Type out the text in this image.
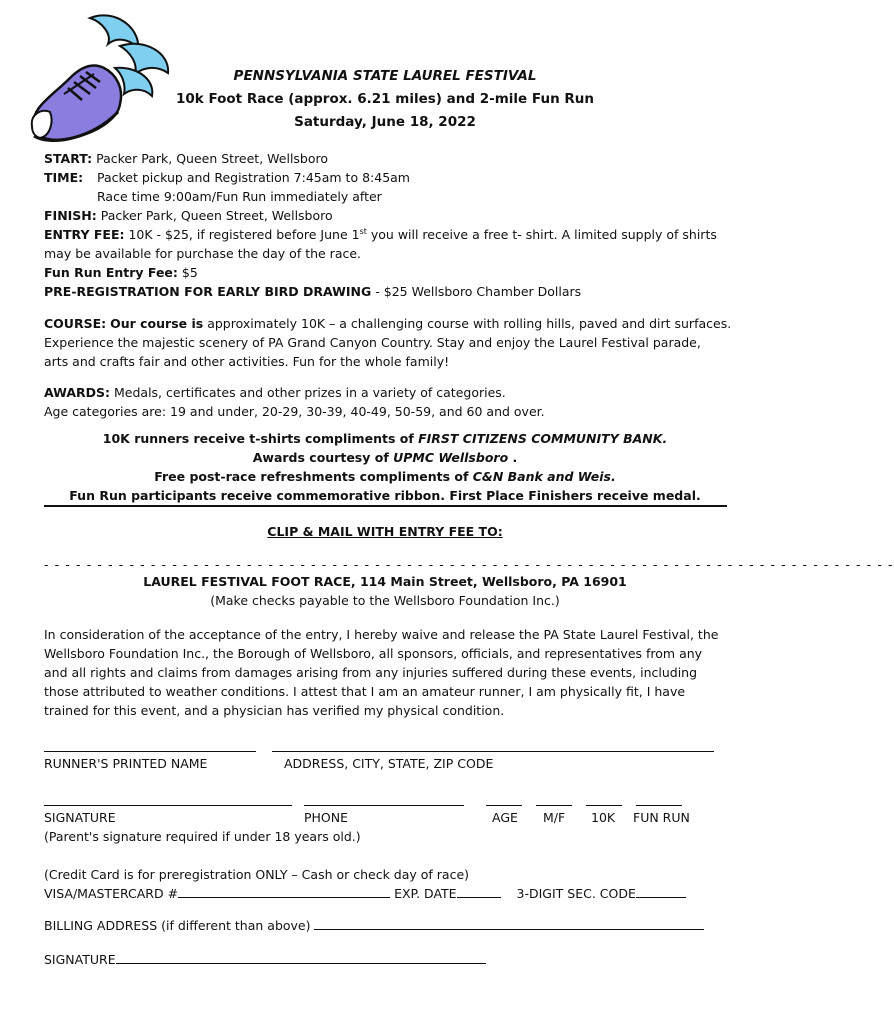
PENNSYLVANIA STATE LAUREL FESTIVAL
10k Foot Race (approx. 6.21 miles) and 2-mile Fun Run
Saturday, June 18, 2022
START: Packer Park, Queen Street, Wellsboro
TIME: Packet pickup and Registration 7:45am to 8:45am
Race time 9:00am/Fun Run immediately after
FINISH: Packer Park, Queen Street, Wellsboro
ENTRY FEE: 10K - $25, if registered before June 1st you will receive a free t- shirt. A limited supply of shirts
may be available for purchase the day of the race.
Fun Run Entry Fee: $5
PRE-REGISTRATION FOR EARLY BIRD DRAWING - $25 Wellsboro Chamber Dollars
COURSE: Our course is approximately 10K – a challenging course with rolling hills, paved and dirt surfaces.
Experience the majestic scenery of PA Grand Canyon Country. Stay and enjoy the Laurel Festival parade,
arts and crafts fair and other activities. Fun for the whole family!
AWARDS: Medals, certificates and other prizes in a variety of categories.
Age categories are: 19 and under, 20-29, 30-39, 40-49, 50-59, and 60 and over.
10K runners receive t-shirts compliments of FIRST CITIZENS COMMUNITY BANK.
Awards courtesy of UPMC Wellsboro .
Free post-race refreshments compliments of C&N Bank and Weis.
Fun Run participants receive commemorative ribbon. First Place Finishers receive medal.
CLIP & MAIL WITH ENTRY FEE TO:
- - - - - - - - - - - - - - - - - - - - - - - - - - - - - - - - - - - - - - - - - - - - - - - - - - - - - - - - - - - - - - - - - - - - - - - - - - - - - - - -
LAUREL FESTIVAL FOOT RACE, 114 Main Street, Wellsboro, PA 16901
(Make checks payable to the Wellsboro Foundation Inc.)
In consideration of the acceptance of the entry, I hereby waive and release the PA State Laurel Festival, the Wellsboro Foundation Inc., the Borough of Wellsboro, all sponsors, officials, and representatives from any and all rights and claims from damages arising from any injuries suffered during these events, including those attributed to weather conditions. I attest that I am an amateur runner, I am physically fit, I have trained for this event, and a physician has verified my physical condition.
RUNNER'S PRINTED NAME	ADDRESS, CITY, STATE, ZIP CODE
SIGNATURE	PHONE	AGE M/F 10K FUN RUN
(Parent's signature required if under 18 years old.)
(Credit Card is for preregistration ONLY – Cash or check day of race)
VISA/MASTERCARD #	EXP. DATE	3-DIGIT SEC. CODE
BILLING ADDRESS (if different than above)
SIGNATURE
